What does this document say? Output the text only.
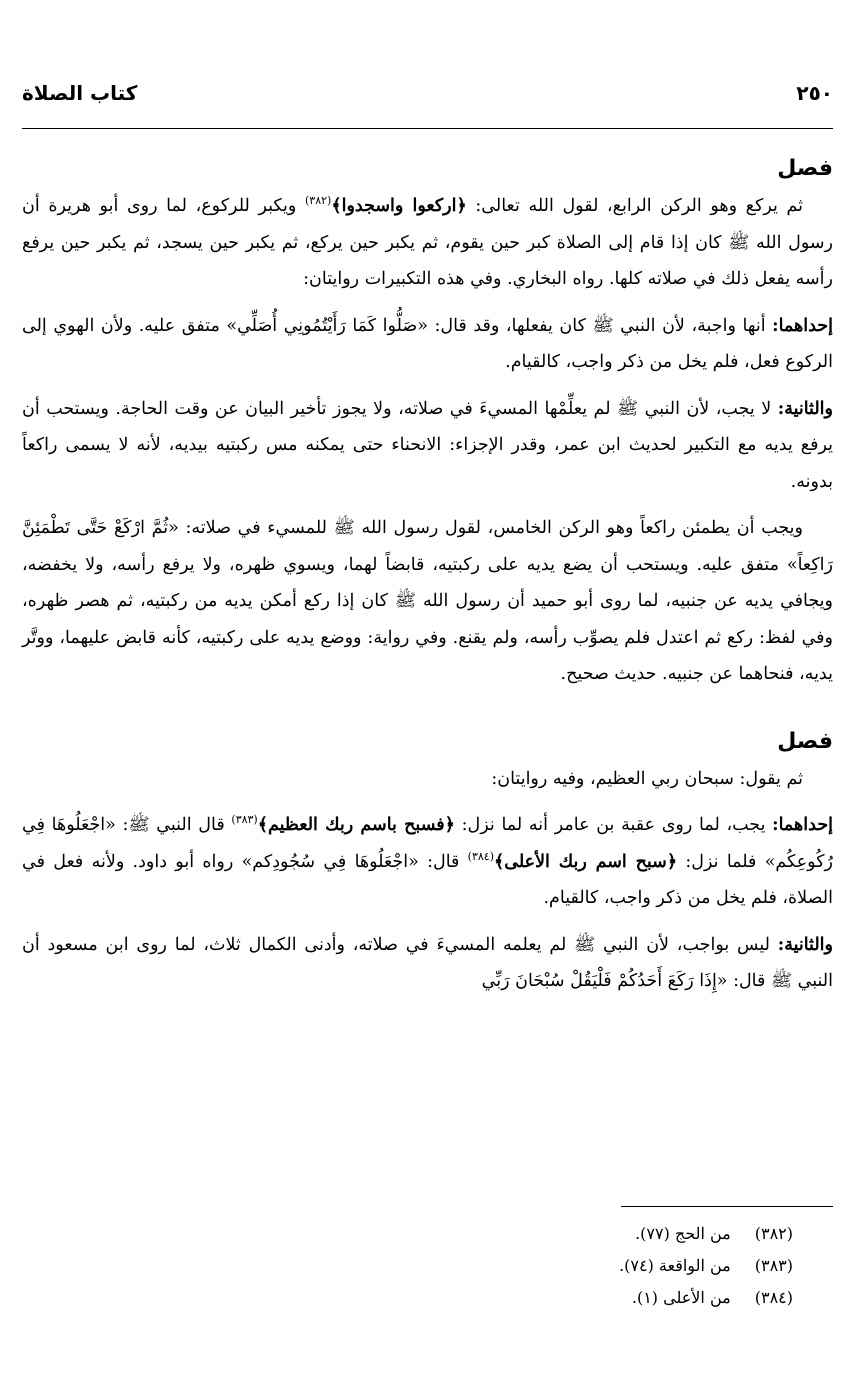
٢٥٠
كتاب الصلاة
فصل

ثم يركع وهو الركن الرابع، لقول الله تعالى: ﴿اركعوا واسجدوا﴾$^{(٣٨٢)}$ ويكبر للركوع، لما روى أبو هريرة أن رسول الله ﷺ كان إذا قام إلى الصلاة كبر حين يقوم، ثم يكبر حين يركع، ثم يكبر حين يسجد، ثم يكبر حين يرفع رأسه يفعل ذلك في صلاته كلها. رواه البخاري. وفي هذه التكبيرات روايتان:

إحداهما: أنها واجبة، لأن النبي ﷺ كان يفعلها، وقد قال: «صَلُّوا كَمَا رَأَيْتُمُونِي أُصَلِّي» متفق عليه. ولأن الهوي إلى الركوع فعل، فلم يخل من ذكر واجب، كالقيام.

والثانية: لا يجب، لأن النبي ﷺ لم يعلِّمْها المسيءَ في صلاته، ولا يجوز تأخير البيان عن وقت الحاجة. ويستحب أن يرفع يديه مع التكبير لحديث ابن عمر، وقدر الإجزاء: الانحناء حتى يمكنه مس ركبتيه بيديه، لأنه لا يسمى راكعاً بدونه.

ويجب أن يطمئن راكعاً وهو الركن الخامس، لقول رسول الله ﷺ للمسيء في صلاته: «ثُمَّ ارْكَعْ حَتَّى تَطْمَئِنَّ رَاكِعاً» متفق عليه. ويستحب أن يضع يديه على ركبتيه، قابضاً لهما، ويسوي ظهره، ولا يرفع رأسه، ولا يخفضه، ويجافي يديه عن جنبيه، لما روى أبو حميد أن رسول الله ﷺ كان إذا ركع أمكن يديه من ركبتيه، ثم هصر ظهره، وفي لفظ: ركع ثم اعتدل فلم يصوِّب رأسه، ولم يقنع. وفي رواية: ووضع يديه على ركبتيه، كأنه قابض عليهما، ووتَّر يديه، فنحاهما عن جنبيه. حديث صحيح.

فصل

ثم يقول: سبحان ربي العظيم، وفيه روايتان:

إحداهما: يجب، لما روى عقبة بن عامر أنه لما نزل: ﴿فسبح باسم ربك العظيم﴾$^{(٣٨٣)}$ قال النبي ﷺ: «اجْعَلُوهَا فِي رُكُوعِكُم» فلما نزل: ﴿سبح اسم ربك الأعلى﴾$^{(٣٨٤)}$ قال: «اجْعَلُوهَا فِي سُجُودِكم» رواه أبو داود. ولأنه فعل في الصلاة، فلم يخل من ذكر واجب، كالقيام.

والثانية: ليس بواجب، لأن النبي ﷺ لم يعلمه المسيءَ في صلاته، وأدنى الكمال ثلاث، لما روى ابن مسعود أن النبي ﷺ قال: «إِذَا رَكَعَ أَحَدُكُمْ فَلْيَقُلْ سُبْحَانَ رَبِّي

(٣٨٢)
من الحج (٧٧).
(٣٨٣)
من الواقعة (٧٤).
(٣٨٤)
من الأعلى (١).
